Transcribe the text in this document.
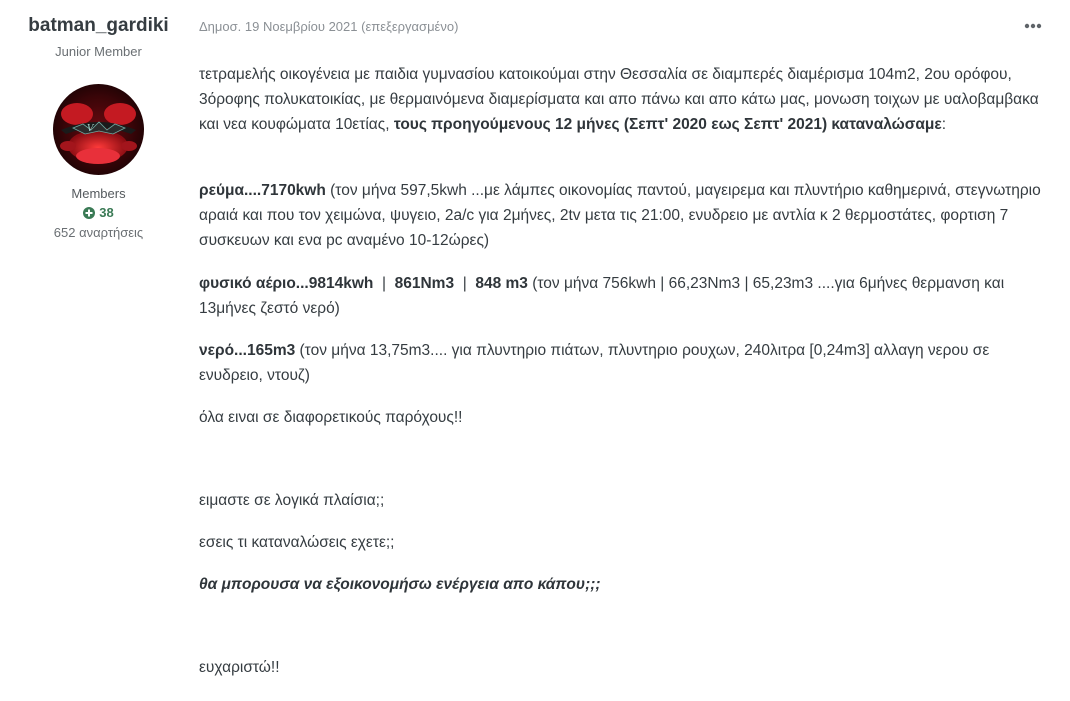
batman_gardiki
Junior Member
V
Members
38
652 αναρτήσεις
Δημοσ. 19 Νοεμβρίου 2021 (επεξεργασμένο)

τετραμελής οικογένεια με παιδια γυμνασίου κατοικούμαι στην Θεσσαλία σε διαμπερές διαμέρισμα 104m2, 2ου ορόφου, 3όροφης πολυκατοικίας, με θερμαινόμενα διαμερίσματα και απο πάνω και απο κάτω μας, μονωση τοιχων με υαλοβαμβακα και νεα κουφώματα 10ετίας, τους προηγούμενους 12 μήνες (Σεπτ' 2020 εως Σεπτ' 2021) καταναλώσαμε:

ρεύμα....7170kwh (τον μήνα 597,5kwh ...με λάμπες οικονομίας παντού, μαγειρεμα και πλυντήριο καθημερινά, στεγνωτηριο αραιά και που τον χειμώνα, ψυγειο, 2a/c για 2μήνες, 2tv μετα τις 21:00, ενυδρειο με αντλία κ 2 θερμοστάτες, φορτιση 7 συσκευων και ενα pc αναμένο 10-12ώρες)

φυσικό αέριο...9814kwh  |  861Nm3  |  848 m3 (τον μήνα 756kwh | 66,23Nm3 | 65,23m3 ....για 6μήνες θερμανση και 13μήνες ζεστό νερό)

νερό...165m3 (τον μήνα 13,75m3.... για πλυντηριο πιάτων, πλυντηριο ρουχων, 240λιτρα [0,24m3] αλλαγη νερου σε ενυδρειο, ντουζ)

όλα ειναι σε διαφορετικούς παρόχους!!

ειμαστε σε λογικά πλαίσια;;

εσεις τι καταναλώσεις εχετε;;

θα μπορουσα να εξοικονομήσω ενέργεια απο κάπου;;;

ευχαριστώ!!
